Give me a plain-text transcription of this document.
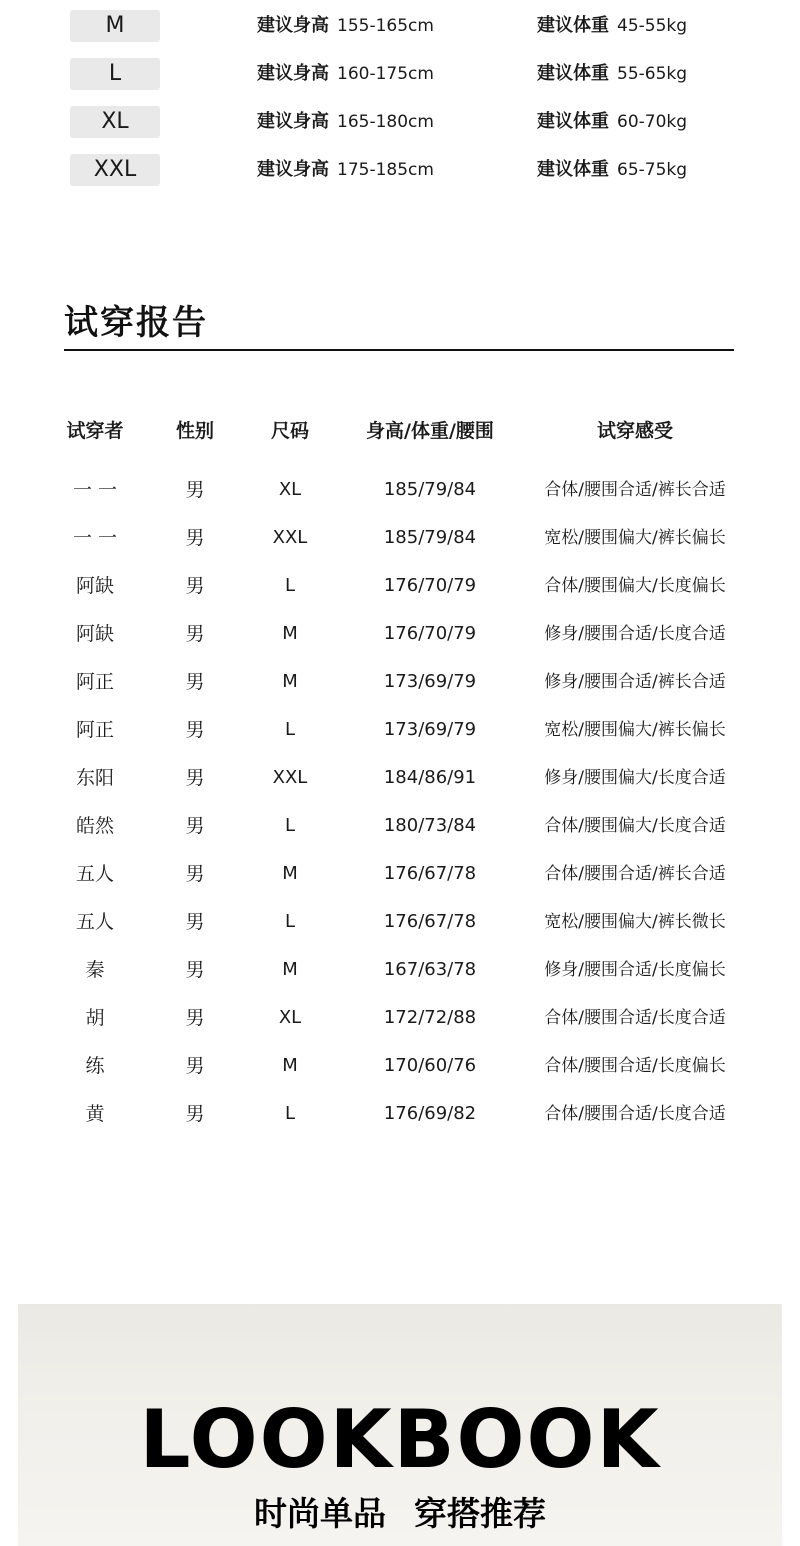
M	建议身高 155-165cm	建议体重 45-55kg
L	建议身高 160-175cm	建议体重 55-65kg
XL	建议身高 165-180cm	建议体重 60-70kg
XXL	建议身高 175-185cm	建议体重 65-75kg
试穿报告
试穿者	性别	尺码	身高/体重/腰围	试穿感受
一 一	男	XL	185/79/84	合体/腰围合适/裤长合适
一 一	男	XXL	185/79/84	宽松/腰围偏大/裤长偏长
阿缺	男	L	176/70/79	合体/腰围偏大/长度偏长
阿缺	男	M	176/70/79	修身/腰围合适/长度合适
阿正	男	M	173/69/79	修身/腰围合适/裤长合适
阿正	男	L	173/69/79	宽松/腰围偏大/裤长偏长
东阳	男	XXL	184/86/91	修身/腰围偏大/长度合适
皓然	男	L	180/73/84	合体/腰围偏大/长度合适
五人	男	M	176/67/78	合体/腰围合适/裤长合适
五人	男	L	176/67/78	宽松/腰围偏大/裤长微长
秦	男	M	167/63/78	修身/腰围合适/长度偏长
胡	男	XL	172/72/88	合体/腰围合适/长度合适
练	男	M	170/60/76	合体/腰围合适/长度偏长
黄	男	L	176/69/82	合体/腰围合适/长度合适
LOOKBOOK
时尚单品 穿搭推荐
